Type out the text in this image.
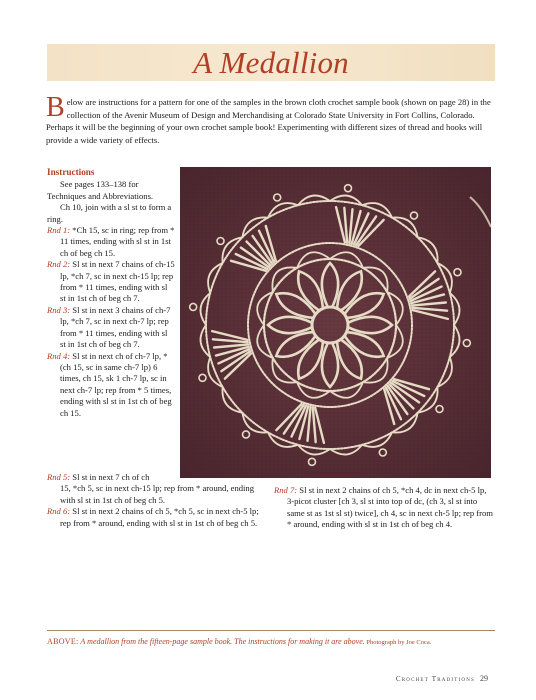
A Medallion
Below are instructions for a pattern for one of the samples in the brown cloth crochet sample book (shown on page 28) in the collection of the Avenir Museum of Design and Merchandising at Colorado State University in Fort Collins, Colorado. Perhaps it will be the beginning of your own crochet sample book! Experimenting with different sizes of thread and hooks will provide a wide variety of effects.
Instructions

See pages 133–138 for Techniques and Abbreviations.

Ch 10, join with a sl st to form a ring.

Rnd 1: *Ch 15, sc in ring; rep from * 11 times, ending with sl st in 1st ch of beg ch 15.

Rnd 2: Sl st in next 7 chains of ch-15 lp, *ch 7, sc in next ch-15 lp; rep from * 11 times, ending with sl st in 1st ch of beg ch 7.

Rnd 3: Sl st in next 3 chains of ch-7 lp, *ch 7, sc in next ch-7 lp; rep from * 11 times, ending with sl st in 1st ch of beg ch 7.

Rnd 4: Sl st in next ch of ch-7 lp, *(ch 15, sc in same ch-7 lp) 6 times, ch 15, sk 1 ch-7 lp, sc in next ch-7 lp; rep from * 5 times, ending with sl st in 1st ch of beg ch 15.

Rnd 5: Sl st in next 7 ch of ch

15, *ch 5, sc in next ch-15 lp; rep from * around, ending with sl st in 1st ch of beg ch 5.

Rnd 6: Sl st in next 2 chains of ch 5, *ch 5, sc in next ch-5 lp; rep from * around, ending with sl st in 1st ch of beg ch 5.

Rnd 7: Sl st in next 2 chains of ch 5, *ch 4, dc in next ch-5 lp, 3-picot cluster [ch 3, sl st into top of dc, (ch 3, sl st into same st as 1st sl st) twice], ch 4, sc in next ch-5 lp; rep from * around, ending with sl st in 1st ch of beg ch 4.

ABOVE: A medallion from the fifteen-page sample book. The instructions for making it are above. Photograph by Joe Coca.
Crochet Traditions 29
